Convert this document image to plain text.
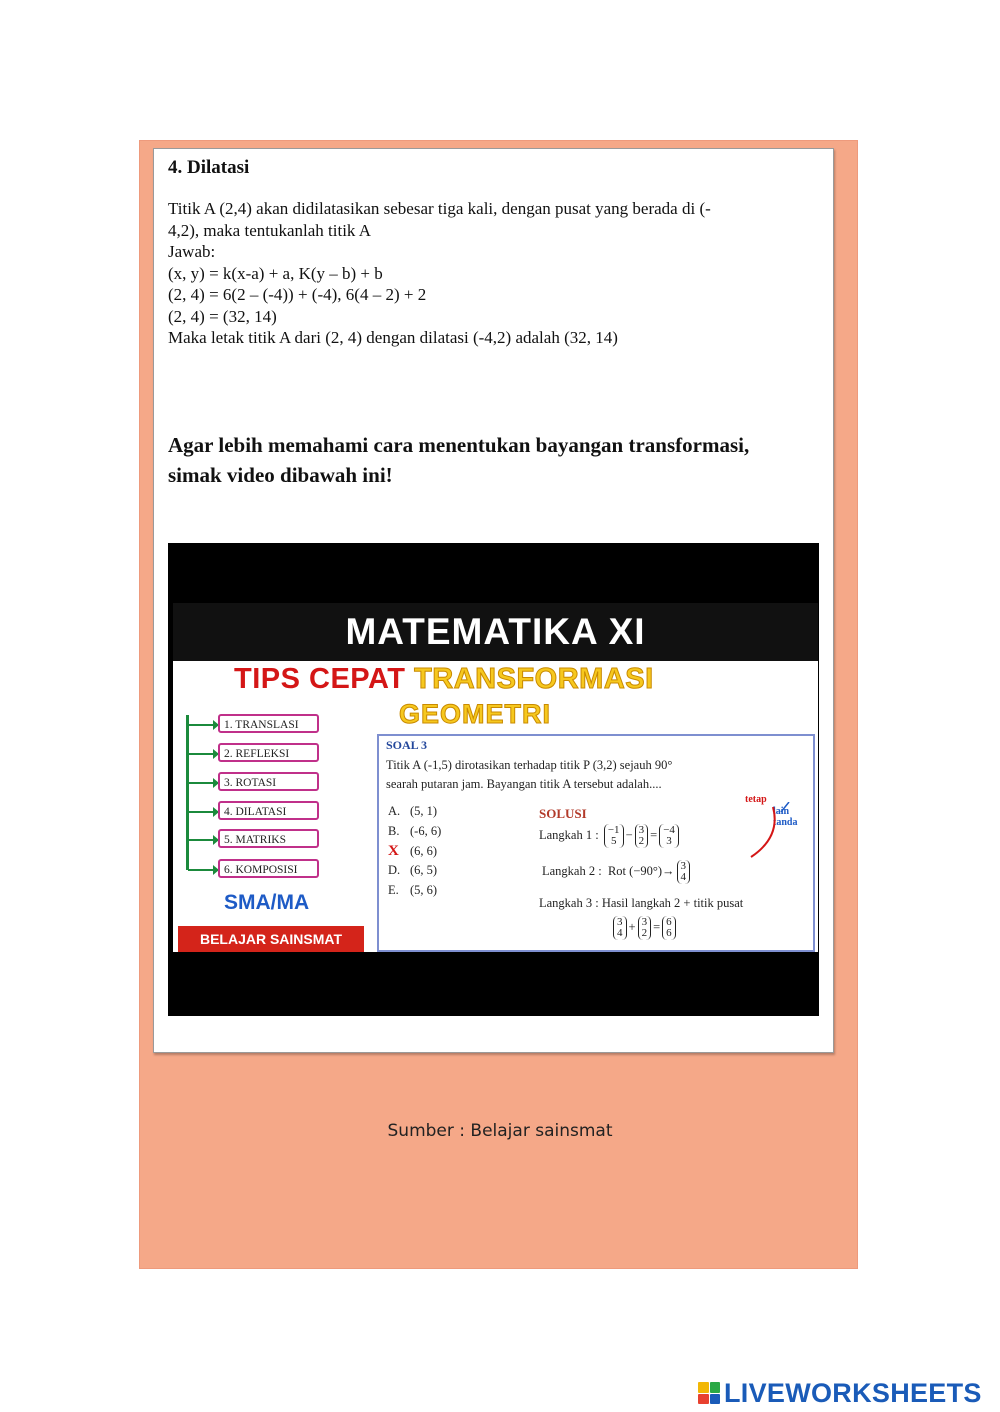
4. Dilatasi

Titik A (2,4) akan didilatasikan sebesar tiga kali, dengan pusat yang berada di (-

4,2), maka tentukanlah titik A

Jawab:

(x, y) = k(x-a) + a, K(y – b) + b

(2, 4) = 6(2 – (-4)) + (-4), 6(4 – 2) + 2

(2, 4) = (32, 14)

Maka letak titik A dari (2, 4) dengan dilatasi (-4,2) adalah (32, 14)

Agar lebih memahami cara menentukan bayangan transformasi,
simak video dibawah ini!

MATEMATIKA XI
TIPS CEPAT TRANSFORMASI
GEOMETRI
1. TRANSLASI
2. REFLEKSI
3. ROTASI
4. DILATASI
5. MATRIKS
6. KOMPOSISI
SMA/MA
BELAJAR SAINSMAT
SOAL 3

Titik A (-1,5) dirotasikan terhadap titik P (3,2) sejauh 90°
searah putaran jam. Bayangan titik A tersebut adalah....

A. (5, 1)
B. (-6, 6)
X (6, 6)
D. (6, 5)
E. (5, 6)
SOLUSI
tetap
lain
tanda
Langkah 1 : −1
5 − 3
2 = −4
3
Langkah 2 : Rot (−90°)→ 3
4
Langkah 3 : Hasil langkah 2 + titik pusat
3
4 + 3
2 = 6
6

Sumber : Belajar sainsmat

LIVEWORKSHEETS
